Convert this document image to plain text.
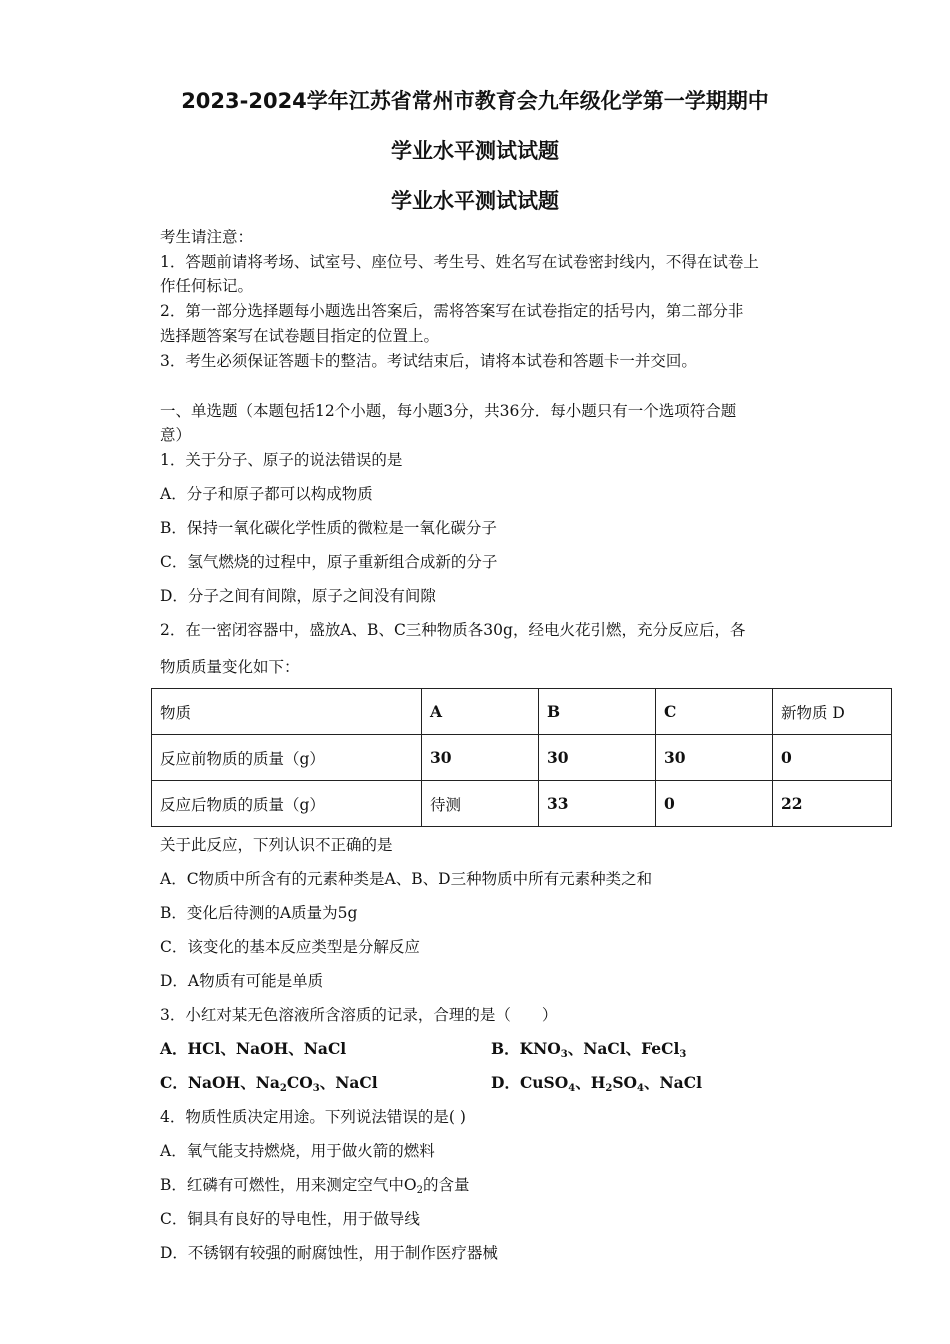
2023-2024学年江苏省常州市教育会九年级化学第一学期期中
学业水平测试试题
学业水平测试试题
考生请注意：
1．答题前请将考场、试室号、座位号、考生号、姓名写在试卷密封线内，不得在试卷上
作任何标记。
2．第一部分选择题每小题选出答案后，需将答案写在试卷指定的括号内，第二部分非
选择题答案写在试卷题目指定的位置上。
3．考生必须保证答题卡的整洁。考试结束后，请将本试卷和答题卡一并交回。
一、单选题（本题包括12个小题，每小题3分，共36分．每小题只有一个选项符合题
意）
1．关于分子、原子的说法错误的是
A．分子和原子都可以构成物质
B．保持一氧化碳化学性质的微粒是一氧化碳分子
C．氢气燃烧的过程中，原子重新组合成新的分子
D．分子之间有间隙，原子之间没有间隙
2．在一密闭容器中，盛放A、B、C三种物质各30g，经电火花引燃，充分反应后，各
物质质量变化如下：
物质	A	B	C	新物质 D
反应前物质的质量（g）	30	30	30	0
反应后物质的质量（g）	待测	33	0	22
关于此反应，下列认识不正确的是
A．C物质中所含有的元素种类是A、B、D三种物质中所有元素种类之和
B．变化后待测的A质量为5g
C．该变化的基本反应类型是分解反应
D．A物质有可能是单质
3．小红对某无色溶液所含溶质的记录，合理的是（　　）
A．HCl、NaOH、NaCl	B．$KNO_3$、NaCl、FeCl$_3$
C．NaOH、$Na_2CO_3$、NaCl	D．CuSO$_4$、$H_2SO_4$、NaCl
4．物质性质决定用途。下列说法错误的是( )
A．氧气能支持燃烧，用于做火箭的燃料
B．红磷有可燃性，用来测定空气中$O_2$的含量
C．铜具有良好的导电性，用于做导线
D．不锈钢有较强的耐腐蚀性，用于制作医疗器械
